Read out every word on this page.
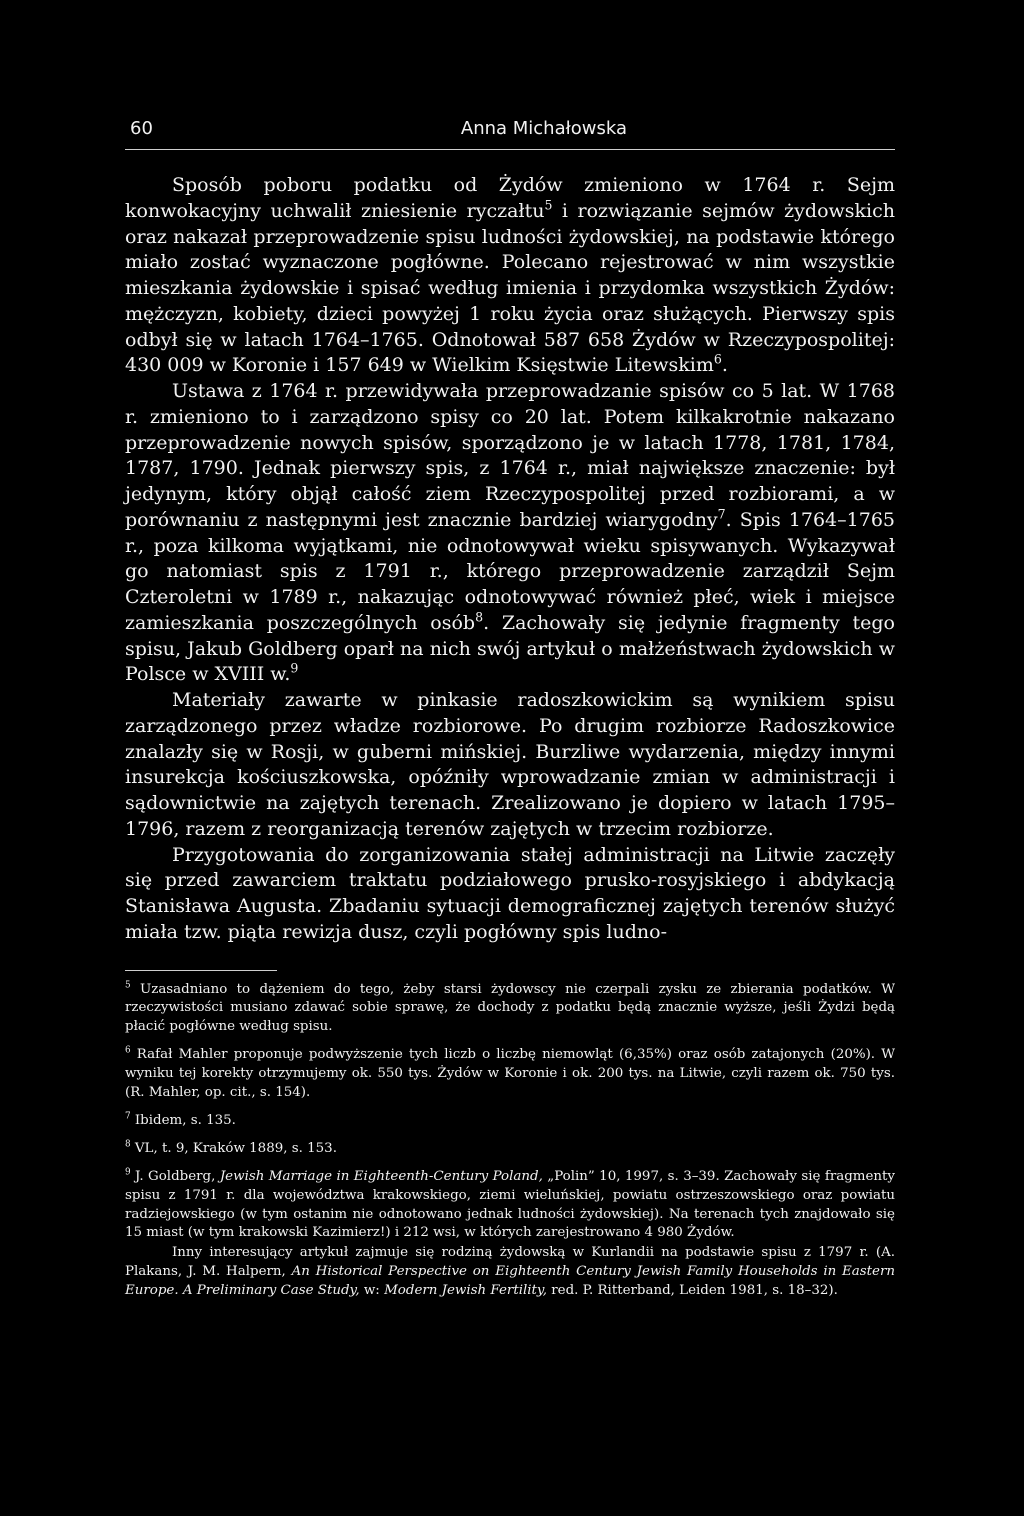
60	Anna Michałowska

Sposób poboru podatku od Żydów zmieniono w 1764 r. Sejm konwokacyjny uchwalił zniesienie ryczałtu$^5$ i rozwiązanie sejmów żydowskich oraz nakazał przeprowadzenie spisu ludności żydowskiej, na podstawie którego miało zostać wyznaczone pogłówne. Polecano rejestrować w nim wszystkie mieszkania żydowskie i spisać według imienia i przydomka wszystkich Żydów: mężczyzn, kobiety, dzieci powyżej 1 roku życia oraz służących. Pierwszy spis odbył się w latach 1764–1765. Odnotował 587 658 Żydów w Rzeczypospolitej: 430 009 w Koronie i 157 649 w Wielkim Księstwie Litewskim$^6$.

Ustawa z 1764 r. przewidywała przeprowadzanie spisów co 5 lat. W 1768 r. zmieniono to i zarządzono spisy co 20 lat. Potem kilkakrotnie nakazano przeprowadzenie nowych spisów, sporządzono je w latach 1778, 1781, 1784, 1787, 1790. Jednak pierwszy spis, z 1764 r., miał największe znaczenie: był jedynym, który objął całość ziem Rzeczypospolitej przed rozbiorami, a w porównaniu z następnymi jest znacznie bardziej wiarygodny$^7$. Spis 1764–1765 r., poza kilkoma wyjątkami, nie odnotowywał wieku spisywanych. Wykazywał go natomiast spis z 1791 r., którego przeprowadzenie zarządził Sejm Czteroletni w 1789 r., nakazując odnotowywać również płeć, wiek i miejsce zamieszkania poszczególnych osób$^8$. Zachowały się jedynie fragmenty tego spisu, Jakub Goldberg oparł na nich swój artykuł o małżeństwach żydowskich w Polsce w XVIII w.$^9$

Materiały zawarte w pinkasie radoszkowickim są wynikiem spisu zarządzonego przez władze rozbiorowe. Po drugim rozbiorze Radoszkowice znalazły się w Rosji, w guberni mińskiej. Burzliwe wydarzenia, między innymi insurekcja kościuszkowska, opóźniły wprowadzanie zmian w administracji i sądownictwie na zajętych terenach. Zrealizowano je dopiero w latach 1795–1796, razem z reorganizacją terenów zajętych w trzecim rozbiorze.

Przygotowania do zorganizowania stałej administracji na Litwie zaczęły się przed zawarciem traktatu podziałowego prusko-rosyjskiego i abdykacją Stanisława Augusta. Zbadaniu sytuacji demograficznej zajętych terenów służyć miała tzw. piąta rewizja dusz, czyli pogłówny spis ludno-

$^5$ Uzasadniano to dążeniem do tego, żeby starsi żydowscy nie czerpali zysku ze zbierania podatków. W rzeczywistości musiano zdawać sobie sprawę, że dochody z podatku będą znacznie wyższe, jeśli Żydzi będą płacić pogłówne według spisu.

$^6$ Rafał Mahler proponuje podwyższenie tych liczb o liczbę niemowląt (6,35%) oraz osób zatajonych (20%). W wyniku tej korekty otrzymujemy ok. 550 tys. Żydów w Koronie i ok. 200 tys. na Litwie, czyli razem ok. 750 tys. (R. Mahler, op. cit., s. 154).

$^7$ Ibidem, s. 135.

$^8$ VL, t. 9, Kraków 1889, s. 153.

$^9$ J. Goldberg, Jewish Marriage in Eighteenth-Century Poland, „Polin” 10, 1997, s. 3–39. Zachowały się fragmenty spisu z 1791 r. dla województwa krakowskiego, ziemi wieluńskiej, powiatu ostrzeszowskiego oraz powiatu radziejowskiego (w tym ostanim nie odnotowano jednak ludności żydowskiej). Na terenach tych znajdowało się 15 miast (w tym krakowski Kazimierz!) i 212 wsi, w których zarejestrowano 4 980 Żydów.

Inny interesujący artykuł zajmuje się rodziną żydowską w Kurlandii na podstawie spisu z 1797 r. (A. Plakans, J. M. Halpern, An Historical Perspective on Eighteenth Century Jewish Family Households in Eastern Europe. A Preliminary Case Study, w: Modern Jewish Fertility, red. P. Ritterband, Leiden 1981, s. 18–32).
